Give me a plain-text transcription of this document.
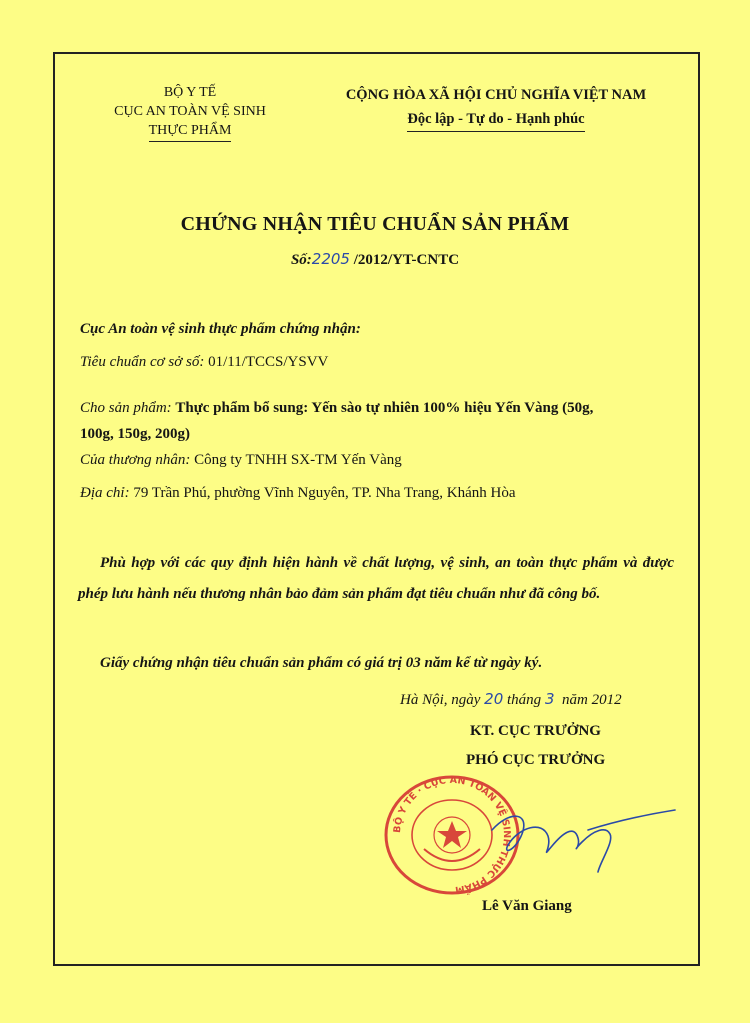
BỘ Y TẾ
CỤC AN TOÀN VỆ SINH
THỰC PHẨM
CỘNG HÒA XÃ HỘI CHỦ NGHĨA VIỆT NAM
Độc lập - Tự do - Hạnh phúc
CHỨNG NHẬN TIÊU CHUẨN SẢN PHẨM
Số:2205 /2012/YT-CNTC
Cục An toàn vệ sinh thực phẩm chứng nhận:
Tiêu chuẩn cơ sở số: 01/11/TCCS/YSVV
Cho sản phẩm: Thực phẩm bổ sung: Yến sào tự nhiên 100% hiệu Yến Vàng (50g,
100g, 150g, 200g)
Của thương nhân: Công ty TNHH SX-TM Yến Vàng
Địa chỉ: 79 Trần Phú, phường Vĩnh Nguyên, TP. Nha Trang, Khánh Hòa

Phù hợp với các quy định hiện hành về chất lượng, vệ sinh, an toàn thực phẩm và được phép lưu hành nếu thương nhân bảo đảm sản phẩm đạt tiêu chuẩn như đã công bố.

Giấy chứng nhận tiêu chuẩn sản phẩm có giá trị 03 năm kể từ ngày ký.
Hà Nội, ngày 20 tháng 3 năm 2012
KT. CỤC TRƯỞNG
PHÓ CỤC TRƯỞNG
BỘ Y TẾ · CỤC AN TOÀN VỆ SINH THỰC PHẨM
Lê Văn Giang
